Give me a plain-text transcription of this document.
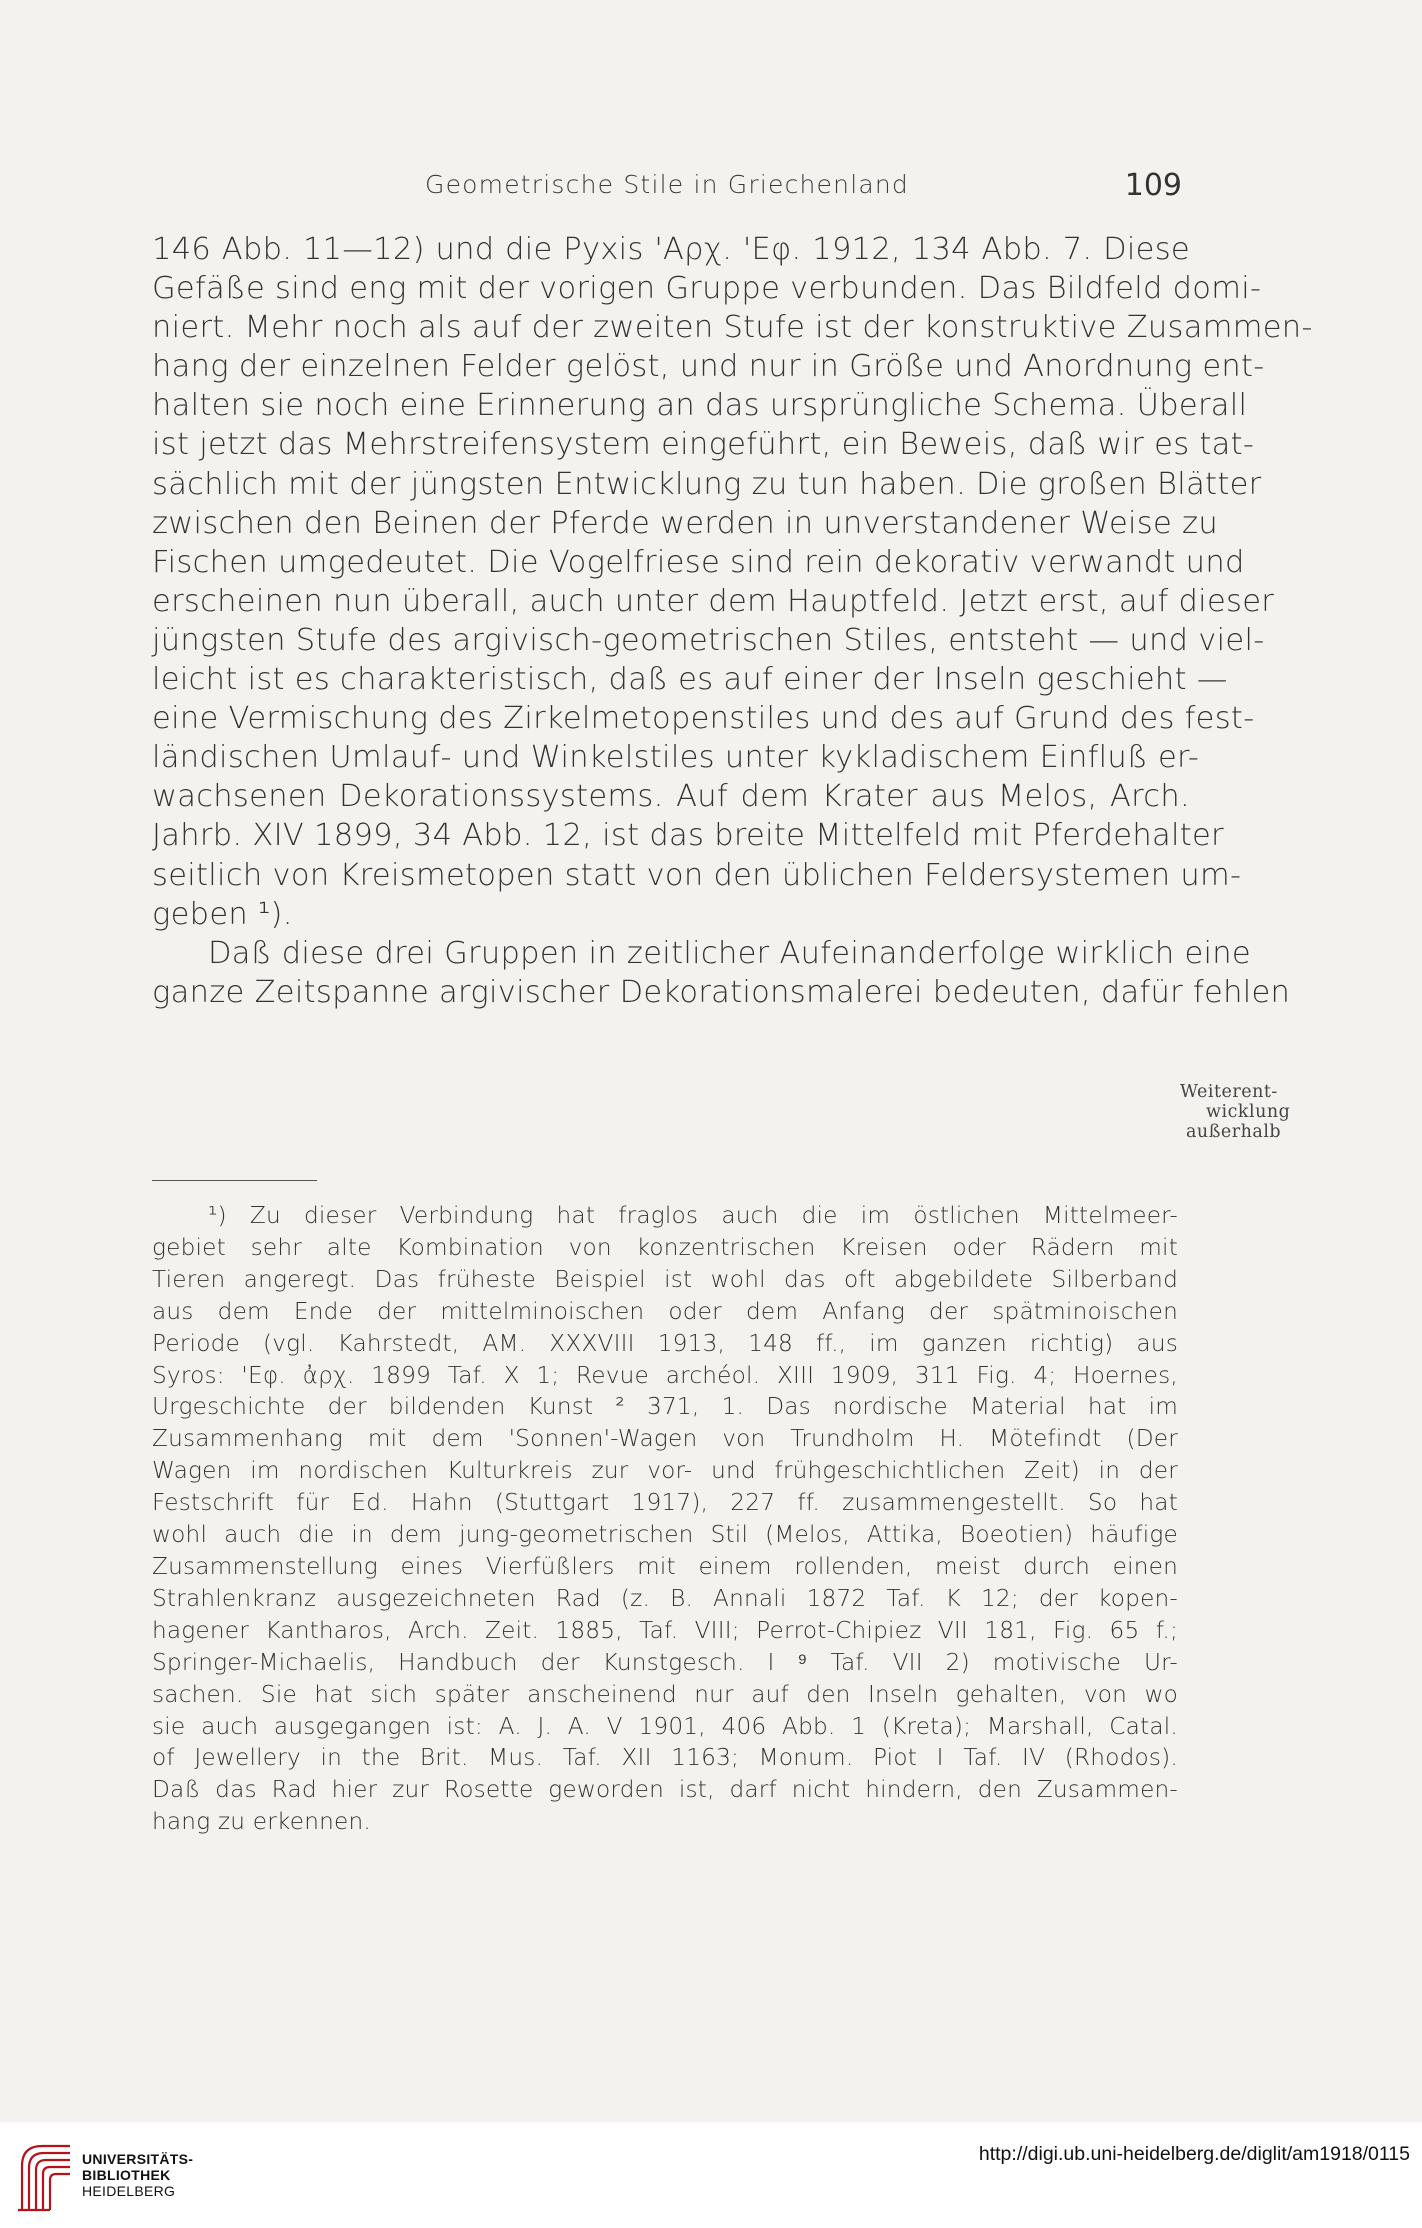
Geometrische Stile in Griechenland	109
146 Abb. 11—12) und die Pyxis 'Αρχ. 'Εφ. 1912, 134 Abb. 7. Diese
Gefäße sind eng mit der vorigen Gruppe verbunden. Das Bildfeld domi-
niert. Mehr noch als auf der zweiten Stufe ist der konstruktive Zusammen-
hang der einzelnen Felder gelöst, und nur in Größe und Anordnung ent-
halten sie noch eine Erinnerung an das ursprüngliche Schema. Überall
ist jetzt das Mehrstreifensystem eingeführt, ein Beweis, daß wir es tat-
sächlich mit der jüngsten Entwicklung zu tun haben. Die großen Blätter
zwischen den Beinen der Pferde werden in unverstandener Weise zu
Fischen umgedeutet. Die Vogelfriese sind rein dekorativ verwandt und
erscheinen nun überall, auch unter dem Hauptfeld. Jetzt erst, auf dieser
jüngsten Stufe des argivisch-geometrischen Stiles, entsteht — und viel-
leicht ist es charakteristisch, daß es auf einer der Inseln geschieht —
eine Vermischung des Zirkelmetopenstiles und des auf Grund des fest-
ländischen Umlauf- und Winkelstiles unter kykladischem Einfluß er-
wachsenen Dekorationssystems. Auf dem Krater aus Melos, Arch.
Jahrb. XIV 1899, 34 Abb. 12, ist das breite Mittelfeld mit Pferdehalter
seitlich von Kreismetopen statt von den üblichen Feldersystemen um-
geben ¹).
Daß diese drei Gruppen in zeitlicher Aufeinanderfolge wirklich eine
ganze Zeitspanne argivischer Dekorationsmalerei bedeuten, dafür fehlen
Weiterent-
wicklung
außerhalb
¹) Zu dieser Verbindung hat fraglos auch die im östlichen Mittelmeer-
gebiet sehr alte Kombination von konzentrischen Kreisen oder Rädern mit
Tieren angeregt. Das früheste Beispiel ist wohl das oft abgebildete Silberband
aus dem Ende der mittelminoischen oder dem Anfang der spätminoischen
Periode (vgl. Kahrstedt, AM. XXXVIII 1913, 148 ff., im ganzen richtig) aus
Syros: 'Εφ. ἀρχ. 1899 Taf. X 1; Revue archéol. XIII 1909, 311 Fig. 4; Hoernes,
Urgeschichte der bildenden Kunst ² 371, 1. Das nordische Material hat im
Zusammenhang mit dem 'Sonnen'-Wagen von Trundholm H. Mötefindt (Der
Wagen im nordischen Kulturkreis zur vor- und frühgeschichtlichen Zeit) in der
Festschrift für Ed. Hahn (Stuttgart 1917), 227 ff. zusammengestellt. So hat
wohl auch die in dem jung-geometrischen Stil (Melos, Attika, Boeotien) häufige
Zusammenstellung eines Vierfüßlers mit einem rollenden, meist durch einen
Strahlenkranz ausgezeichneten Rad (z. B. Annali 1872 Taf. K 12; der kopen-
hagener Kantharos, Arch. Zeit. 1885, Taf. VIII; Perrot-Chipiez VII 181, Fig. 65 f.;
Springer-Michaelis, Handbuch der Kunstgesch. I ⁹ Taf. VII 2) motivische Ur-
sachen. Sie hat sich später anscheinend nur auf den Inseln gehalten, von wo
sie auch ausgegangen ist: A. J. A. V 1901, 406 Abb. 1 (Kreta); Marshall, Catal.
of Jewellery in the Brit. Mus. Taf. XII 1163; Monum. Piot I Taf. IV (Rhodos).
Daß das Rad hier zur Rosette geworden ist, darf nicht hindern, den Zusammen-
hang zu erkennen.
UNIVERSITÄTS-
BIBLIOTHEK
HEIDELBERG
http://digi.ub.uni-heidelberg.de/diglit/am1918/0115
